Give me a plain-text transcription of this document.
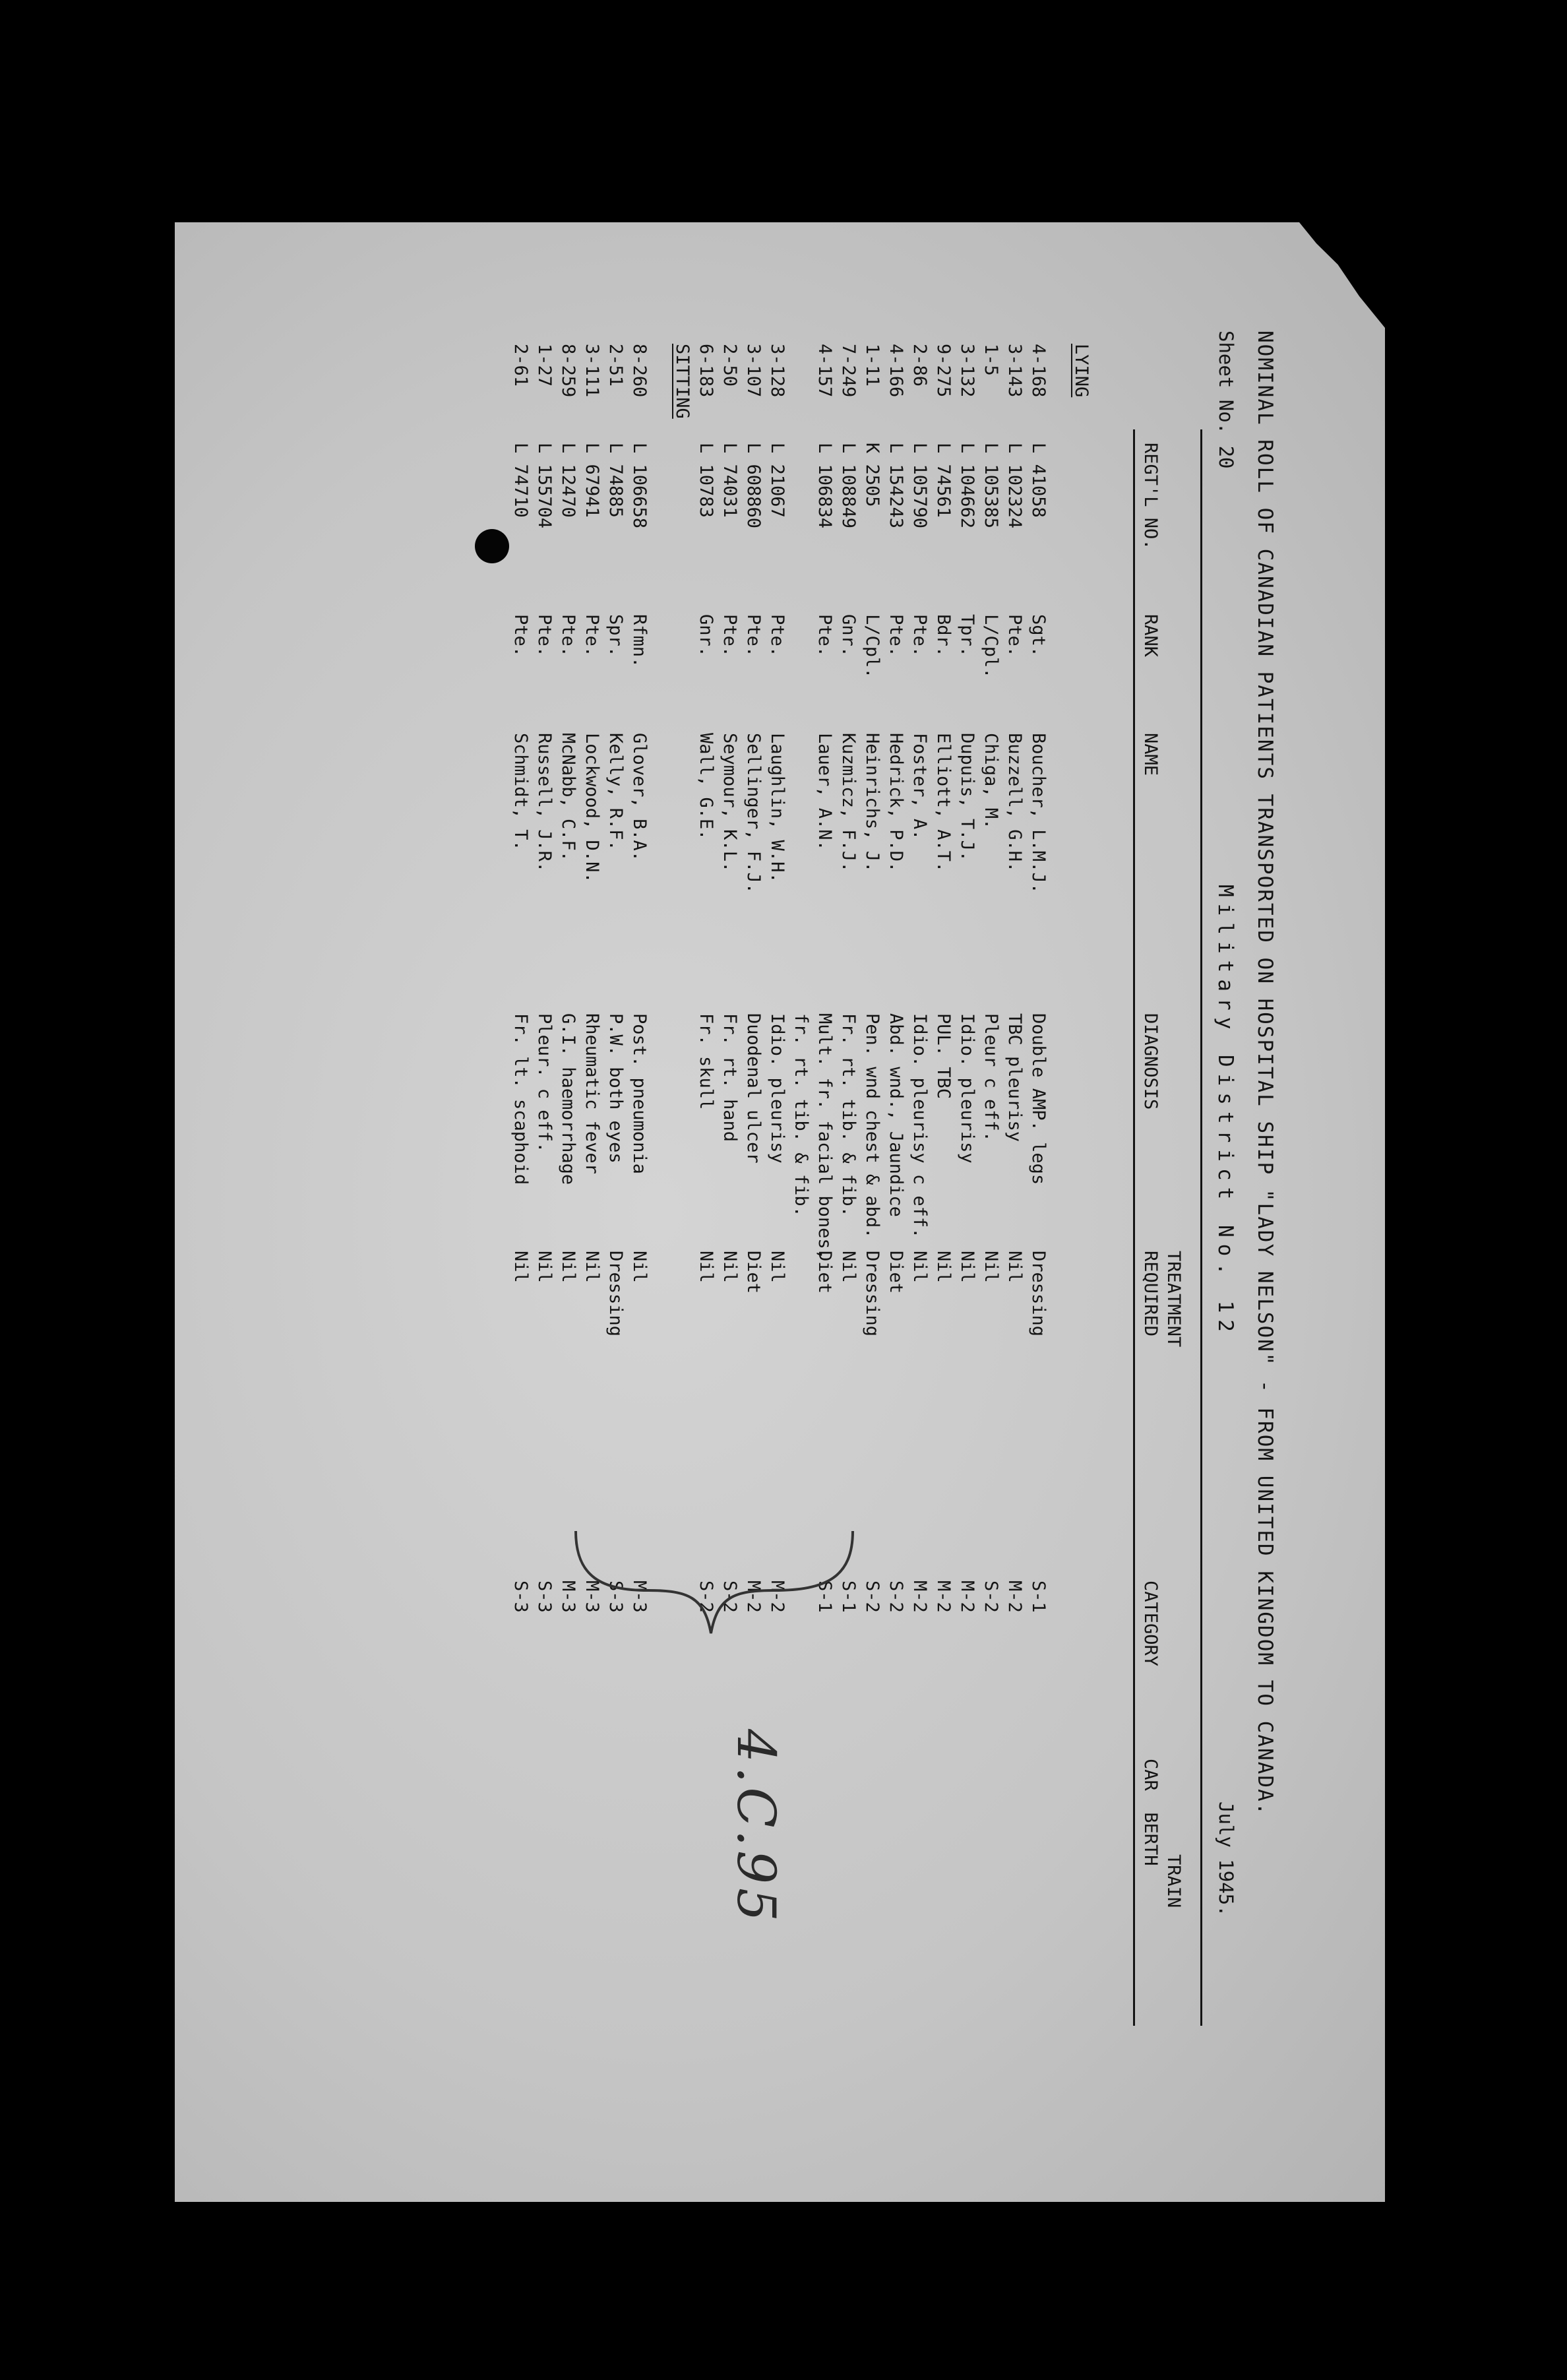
NOMINAL ROLL OF CANADIAN PATIENTS TRANSPORTED ON HOSPITAL SHIP "LADY NELSON" - FROM UNITED KINGDOM TO CANADA.
Sheet No. 20
Military District No. 12
July 1945.
TREATMENT
TRAIN
REGT'L NO.
RANK
NAME
DIAGNOSIS
REQUIRED
CATEGORY
CAR  BERTH
LYING
4-168
L 41058
Sgt.
Boucher, L.M.J.
Double AMP. legs
Dressing
S-1
3-143
L 102324
Pte.
Buzzell, G.H.
TBC pleurisy
Nil
M-2
1-5
L 105385
L/Cpl.
Chiga, M.
Pleur c eff.
Nil
S-2
3-132
L 104662
Tpr.
Dupuis, T.J.
Idio. pleurisy
Nil
M-2
9-275
L 74561
Bdr.
Elliott, A.T.
PUL. TBC
Nil
M-2
2-86
L 105790
Pte.
Foster, A.
Idio. pleurisy c eff.
Nil
M-2
4-166
L 154243
Pte.
Hedrick, P.D.
Abd. wnd., Jaundice
Diet
S-2
1-11
K 2505
L/Cpl.
Heinrichs, J.
Pen. wnd chest & abd.
Dressing
S-2
7-249
L 108849
Gnr.
Kuzmicz, F.J.
Fr. rt. tib. & fib.
Nil
S-1
4-157
L 106834
Pte.
Lauer, A.N.
Mult. fr. facial bones,
Diet
S-1
fr. rt. tib. & fib.
3-128
L 21067
Pte.
Laughlin, W.H.
Idio. pleurisy
Nil
M-2
3-107
L 608860
Pte.
Sellinger, F.J.
Duodenal ulcer
Diet
M-2
2-50
L 74031
Pte.
Seymour, K.L.
Fr. rt. hand
Nil
S-2
6-183
L 10783
Gnr.
Wall, G.E.
Fr. skull
Nil
S-2
SITTING
8-260
L 106658
Rfmn.
Glover, B.A.
Post. pneumonia
Nil
M-3
2-51
L 74885
Spr.
Kelly, R.F.
P.W. both eyes
Dressing
S-3
3-111
L 67941
Pte.
Lockwood, D.N.
Rheumatic fever
Nil
M-3
8-259
L 12470
Pte.
McNabb, C.F.
G.I. haemorrhage
Nil
M-3
1-27
L 155704
Pte.
Russell, J.R.
Pleur. c eff.
Nil
S-3
2-61
L 74710
Pte.
Schmidt, T.
Fr. lt. scaphoid
Nil
S-3
4.C.95
